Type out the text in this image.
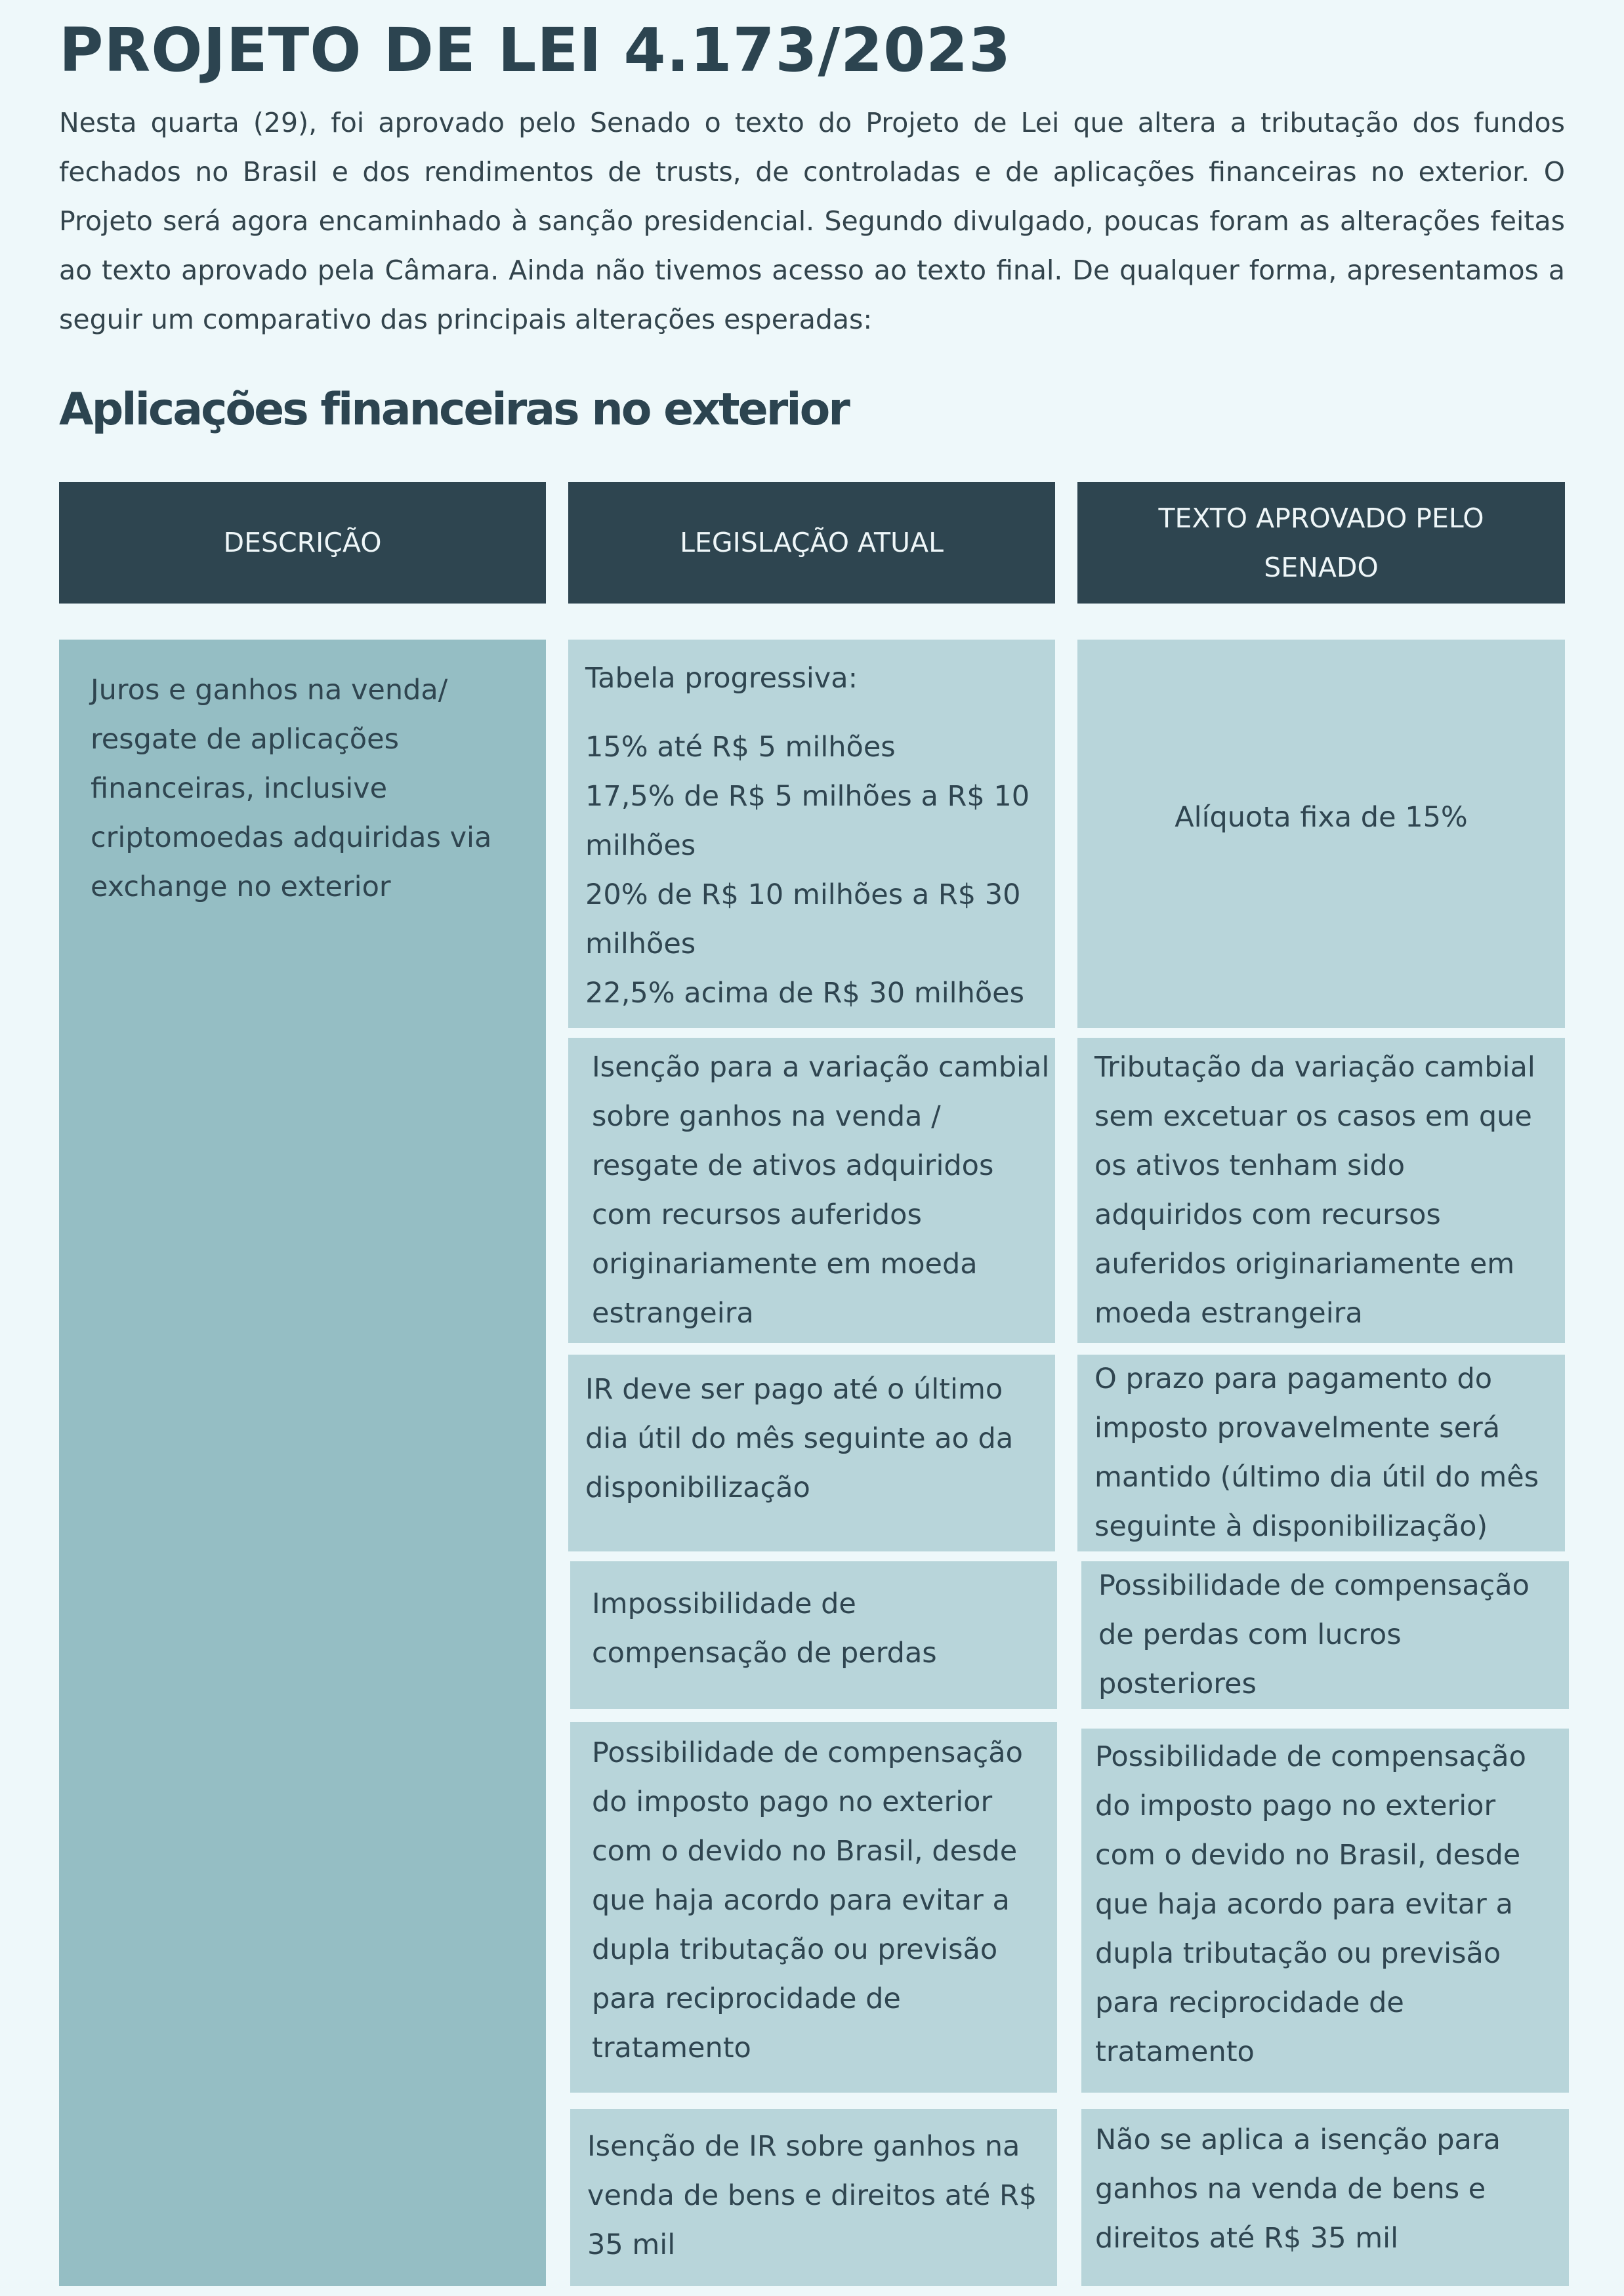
PROJETO DE LEI 4.173/2023

Nesta quarta (29), foi aprovado pelo Senado o texto do Projeto de Lei que altera a tributação dos fundos fechados no Brasil e dos rendimentos de trusts, de controladas e de aplicações financeiras no exterior. O Projeto será agora encaminhado à sanção presidencial. Segundo divulgado, poucas foram as alterações feitas ao texto aprovado pela Câmara. Ainda não tivemos acesso ao texto final. De qualquer forma, apresentamos a seguir um comparativo das principais alterações esperadas:

Aplicações financeiras no exterior
DESCRIÇÃO	LEGISLAÇÃO ATUAL
TEXTO APROVADO PELO SENADO

Juros e ganhos na venda/ resgate de aplicações financeiras, inclusive criptomoedas adquiridas via exchange no exterior

Tabela progressiva:

15% até R$ 5 milhões

17,5% de R$ 5 milhões a R$ 10 milhões

20% de R$ 10 milhões a R$ 30 milhões

22,5% acima de R$ 30 milhões

Alíquota fixa de 15%

Isenção para a variação cambial sobre ganhos na venda / resgate de ativos adquiridos com recursos auferidos originariamente em moeda estrangeira

Tributação da variação cambial sem excetuar os casos em que os ativos tenham sido adquiridos com recursos auferidos originariamente em moeda estrangeira

IR deve ser pago até o último dia útil do mês seguinte ao da disponibilização

O prazo para pagamento do imposto provavelmente será mantido (último dia útil do mês seguinte à disponibilização)

Impossibilidade de compensação de perdas

Possibilidade de compensação de perdas com lucros posteriores

Possibilidade de compensação do imposto pago no exterior com o devido no Brasil, desde que haja acordo para evitar a dupla tributação ou previsão para reciprocidade de tratamento

Possibilidade de compensação do imposto pago no exterior com o devido no Brasil, desde que haja acordo para evitar a dupla tributação ou previsão para reciprocidade de tratamento

Isenção de IR sobre ganhos na venda de bens e direitos até R$ 35 mil

Não se aplica a isenção para ganhos na venda de bens e direitos até R$ 35 mil
